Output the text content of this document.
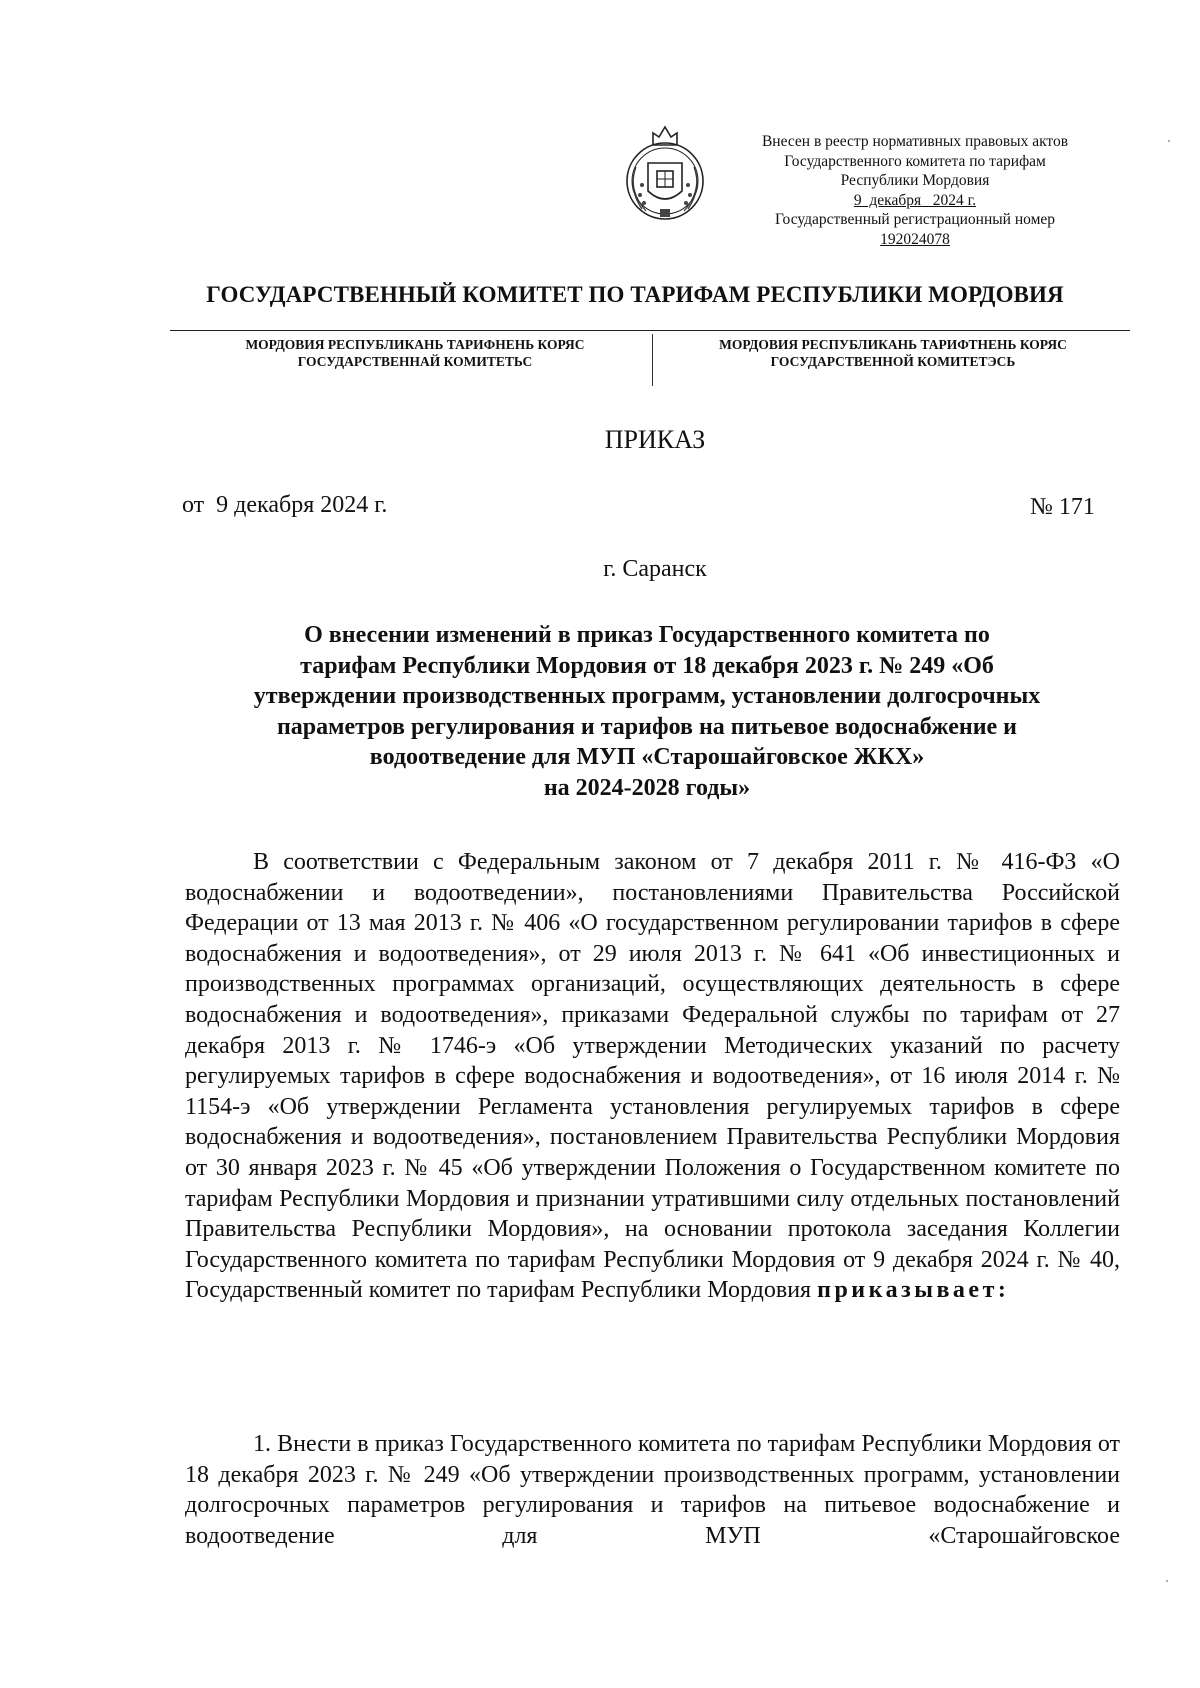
Внесен в реестр нормативных правовых актов
Государственного комитета по тарифам
Республики Мордовия
9  декабря   2024 г.
Государственный регистрационный номер
192024078
ГОСУДАРСТВЕННЫЙ КОМИТЕТ ПО ТАРИФАМ РЕСПУБЛИКИ МОРДОВИЯ
МОРДОВИЯ РЕСПУБЛИКАНЬ ТАРИФНЕНЬ КОРЯС
ГОСУДАРСТВЕННАЙ КОМИТЕТЬС
МОРДОВИЯ РЕСПУБЛИКАНЬ ТАРИФТНЕНЬ КОРЯС
ГОСУДАРСТВЕННОЙ КОМИТЕТЭСЬ
ПРИКАЗ
от  9 декабря 2024 г.	№ 171
г. Саранск
О внесении изменений в приказ Государственного комитета по
тарифам Республики Мордовия от 18 декабря 2023 г. № 249 «Об
утверждении производственных программ, установлении долгосрочных
параметров регулирования и тарифов на питьевое водоснабжение и
водоотведение для МУП «Старошайговское ЖКХ»
на 2024-2028 годы»

В соответствии с Федеральным законом от 7 декабря 2011 г. № 416-ФЗ «О водоснабжении и водоотведении», постановлениями Правительства Российской Федерации от 13 мая 2013 г. № 406 «О государственном регулировании тарифов в сфере водоснабжения и водоотведения», от 29 июля 2013 г. № 641 «Об инвестиционных и производственных программах организаций, осуществляющих деятельность в сфере водоснабжения и водоотведения», приказами Федеральной службы по тарифам от 27 декабря 2013 г. № 1746-э «Об утверждении Методических указаний по расчету регулируемых тарифов в сфере водоснабжения и водоотведения», от 16 июля 2014 г. № 1154-э «Об утверждении Регламента установления регулируемых тарифов в сфере водоснабжения и водоотведения», постановлением Правительства Республики Мордовия от 30 января 2023 г. № 45 «Об утверждении Положения о Государственном комитете по тарифам Республики Мордовия и признании утратившими силу отдельных постановлений Правительства Республики Мордовия», на основании протокола заседания Коллегии Государственного комитета по тарифам Республики Мордовия от 9 декабря 2024 г. № 40, Государственный комитет по тарифам Республики Мордовия приказывает:

1. Внести в приказ Государственного комитета по тарифам Республики Мордовия от 18 декабря 2023 г. № 249 «Об утверждении производственных программ, установлении долгосрочных параметров регулирования и тарифов на питьевое водоснабжение и водоотведение для МУП «Старошайговское
